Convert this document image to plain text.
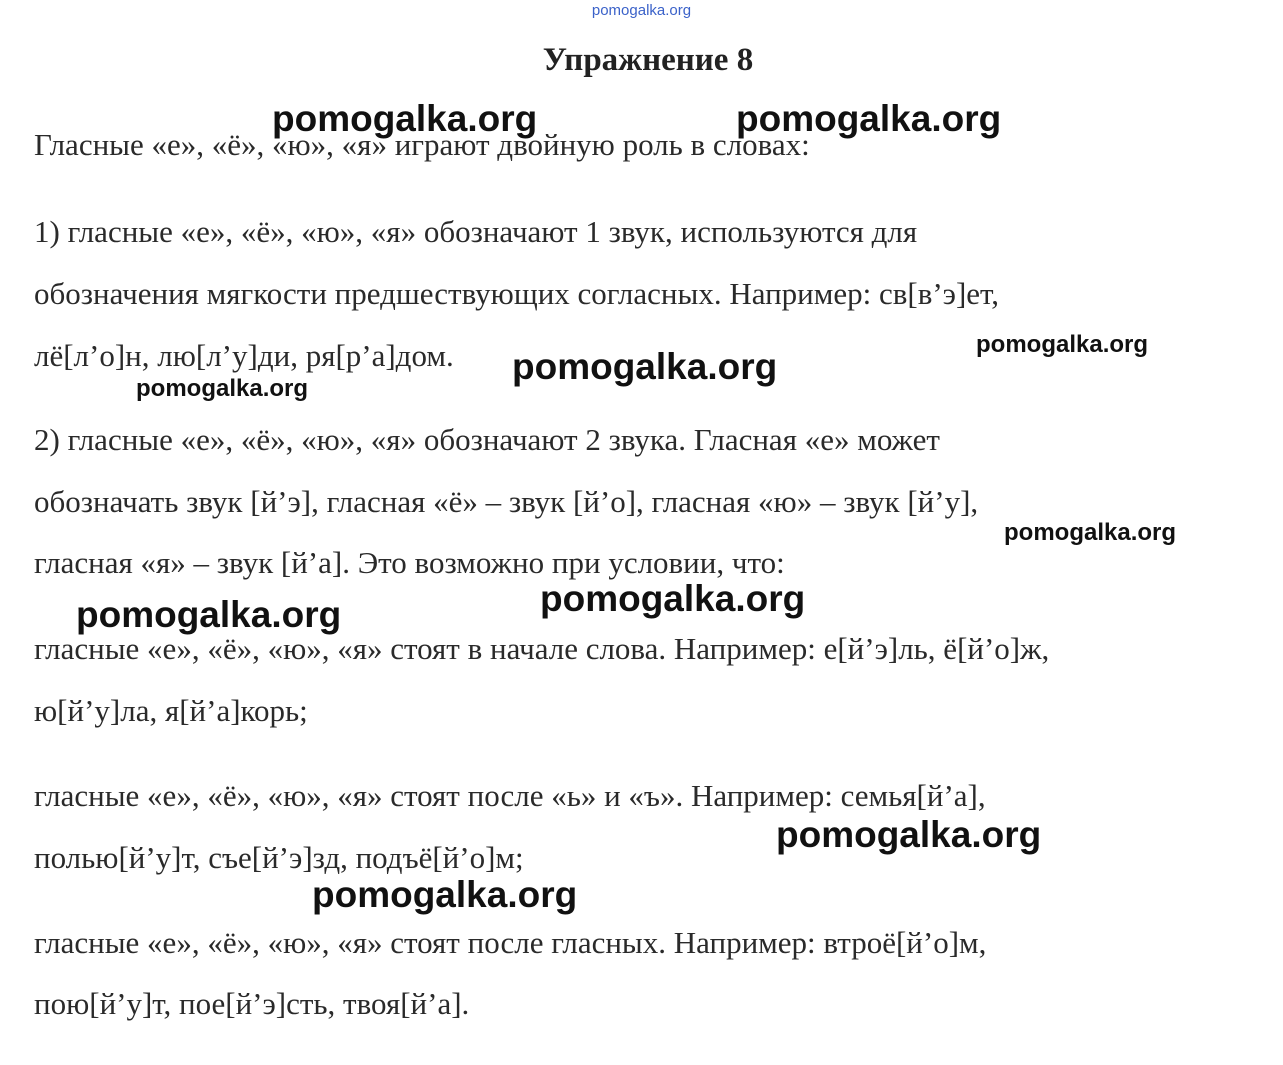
pomogalka.org
Упражнение 8
Гласные «е», «ё», «ю», «я» играют двойную роль в словах:
1) гласные «е», «ё», «ю», «я» обозначают 1 звук, используются для
обозначения мягкости предшествующих согласных. Например: св[в’э]ет,
лё[л’о]н, лю[л’у]ди, ря[р’а]дом.
2) гласные «е», «ё», «ю», «я» обозначают 2 звука. Гласная «е» может
обозначать звук [й’э], гласная «ё» – звук [й’о], гласная «ю» – звук [й’у],
гласная «я» – звук [й’а]. Это возможно при условии, что:
гласные «е», «ё», «ю», «я» стоят в начале слова. Например: е[й’э]ль, ё[й’о]ж,
ю[й’у]ла, я[й’а]корь;
гласные «е», «ё», «ю», «я» стоят после «ь» и «ъ». Например: семья[й’а],
полью[й’у]т, съе[й’э]зд, подъё[й’о]м;
гласные «е», «ё», «ю», «я» стоят после гласных. Например: втроё[й’о]м,
пою[й’у]т, пое[й’э]сть, твоя[й’а].
pomogalka.org	pomogalka.org
pomogalka.org
pomogalka.org
pomogalka.org
pomogalka.org
pomogalka.org
pomogalka.org
pomogalka.org
pomogalka.org
